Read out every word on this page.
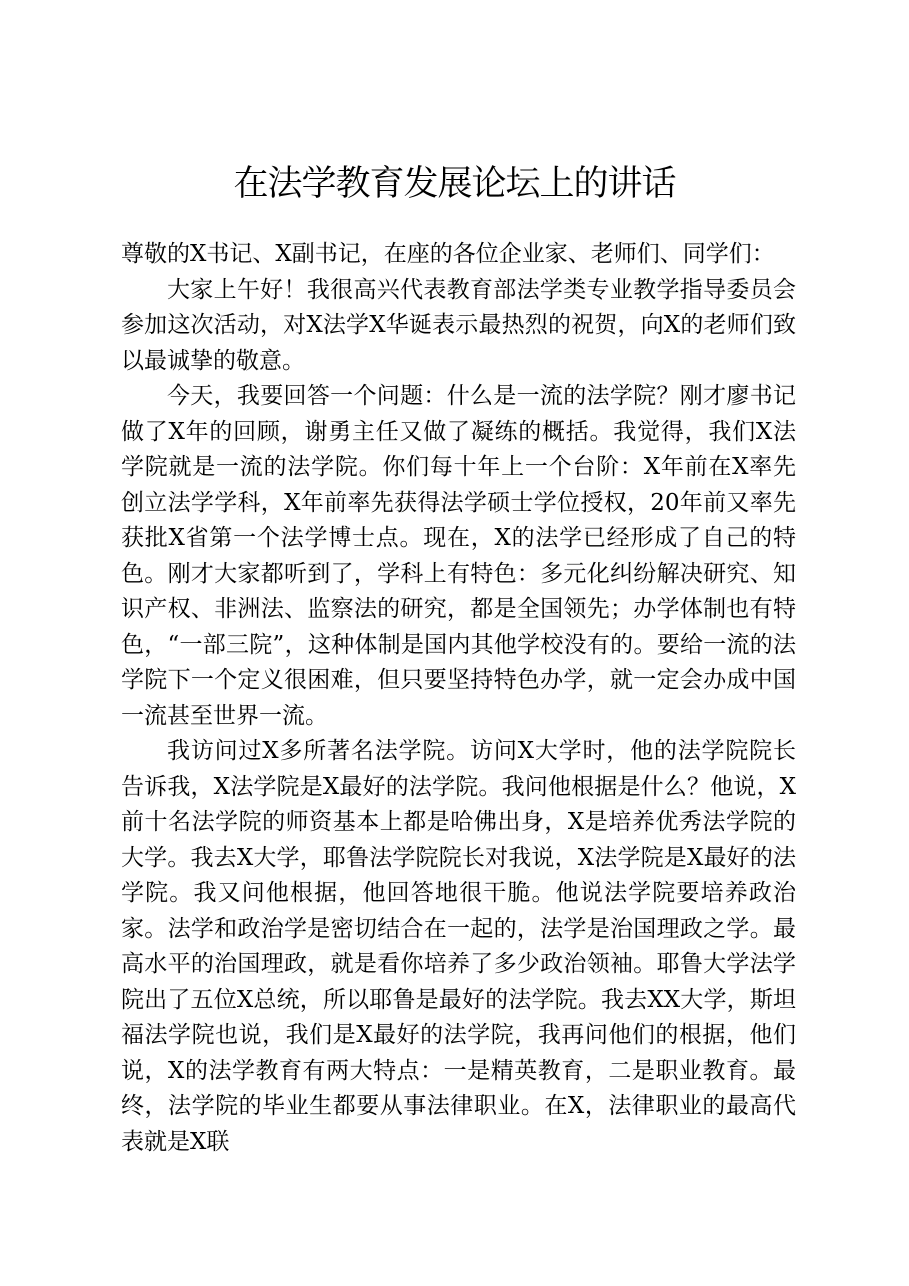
在法学教育发展论坛上的讲话

尊敬的X书记、X副书记，在座的各位企业家、老师们、同学们：

大家上午好！我很高兴代表教育部法学类专业教学指导委员会参加这次活动，对X法学X华诞表示最热烈的祝贺，向X的老师们致以最诚挚的敬意。

今天，我要回答一个问题：什么是一流的法学院？刚才廖书记做了X年的回顾，谢勇主任又做了凝练的概括。我觉得，我们X法学院就是一流的法学院。你们每十年上一个台阶：X年前在X率先创立法学学科，X年前率先获得法学硕士学位授权，20年前又率先获批X省第一个法学博士点。现在，X的法学已经形成了自己的特色。刚才大家都听到了，学科上有特色：多元化纠纷解决研究、知识产权、非洲法、监察法的研究，都是全国领先；办学体制也有特色，“一部三院”，这种体制是国内其他学校没有的。要给一流的法学院下一个定义很困难，但只要坚持特色办学，就一定会办成中国一流甚至世界一流。

我访问过X多所著名法学院。访问X大学时，他的法学院院长告诉我，X法学院是X最好的法学院。我问他根据是什么？他说，X前十名法学院的师资基本上都是哈佛出身，X是培养优秀法学院的大学。我去X大学，耶鲁法学院院长对我说，X法学院是X最好的法学院。我又问他根据，他回答地很干脆。他说法学院要培养政治家。法学和政治学是密切结合在一起的，法学是治国理政之学。最高水平的治国理政，就是看你培养了多少政治领袖。耶鲁大学法学院出了五位X总统，所以耶鲁是最好的法学院。我去XX大学，斯坦福法学院也说，我们是X最好的法学院，我再问他们的根据，他们说，X的法学教育有两大特点：一是精英教育，二是职业教育。最终，法学院的毕业生都要从事法律职业。在X，法律职业的最高代表就是X联
